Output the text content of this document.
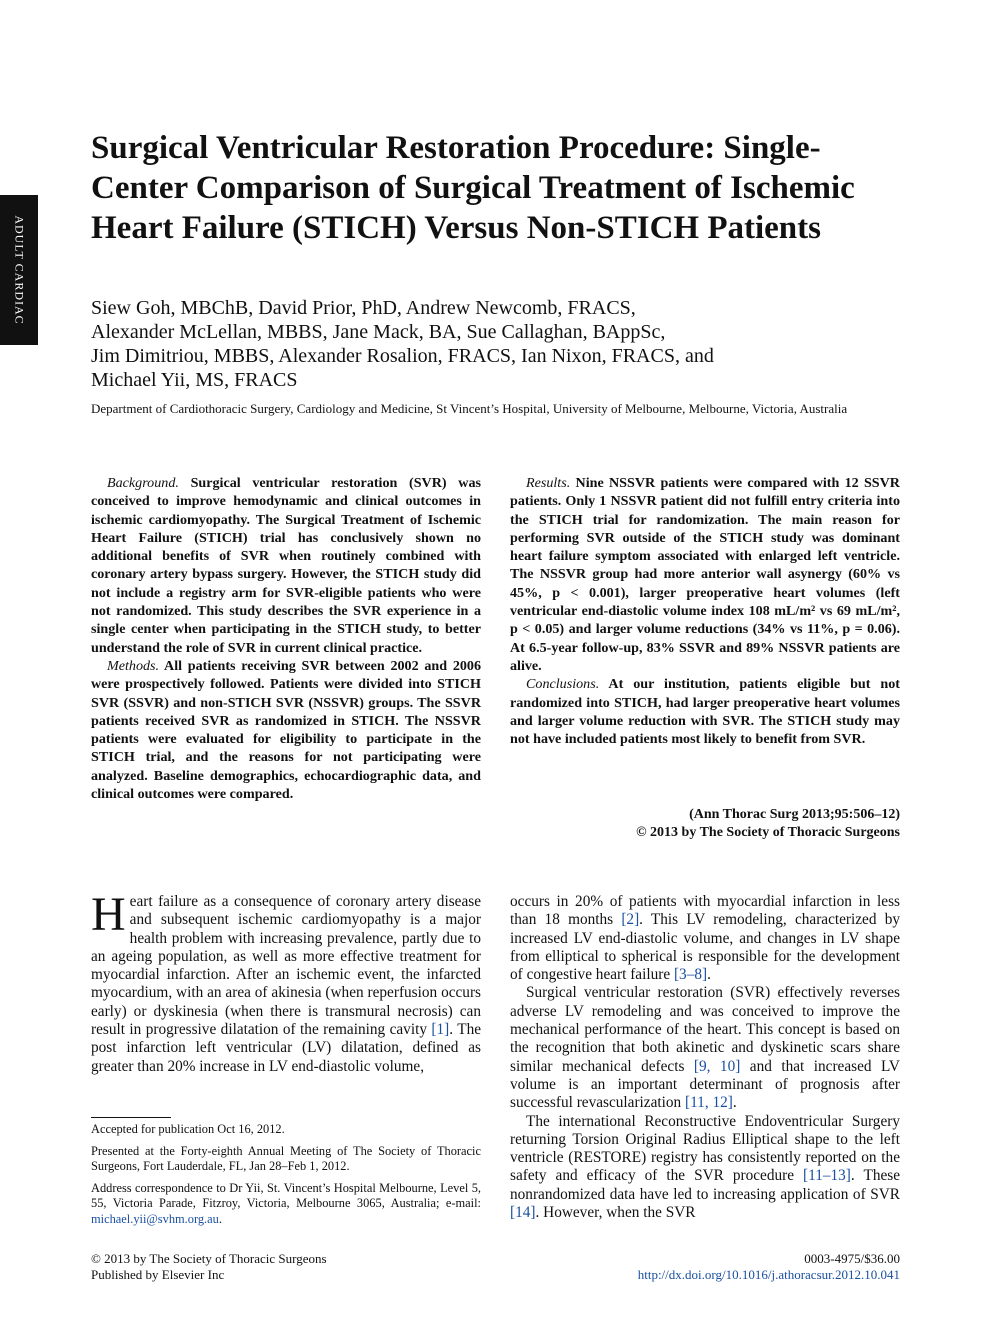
ADULT CARDIAC
Surgical Ventricular Restoration Procedure: Single-Center Comparison of Surgical Treatment of Ischemic Heart Failure (STICH) Versus Non-STICH Patients
Siew Goh, MBChB, David Prior, PhD, Andrew Newcomb, FRACS,
Alexander McLellan, MBBS, Jane Mack, BA, Sue Callaghan, BAppSc,
Jim Dimitriou, MBBS, Alexander Rosalion, FRACS, Ian Nixon, FRACS, and
Michael Yii, MS, FRACS
Department of Cardiothoracic Surgery, Cardiology and Medicine, St Vincent’s Hospital, University of Melbourne, Melbourne, Victoria, Australia

Background. Surgical ventricular restoration (SVR) was conceived to improve hemodynamic and clinical outcomes in ischemic cardiomyopathy. The Surgical Treatment of Ischemic Heart Failure (STICH) trial has conclusively shown no additional benefits of SVR when routinely combined with coronary artery bypass surgery. However, the STICH study did not include a registry arm for SVR-eligible patients who were not randomized. This study describes the SVR experience in a single center when participating in the STICH study, to better understand the role of SVR in current clinical practice.

Methods. All patients receiving SVR between 2002 and 2006 were prospectively followed. Patients were divided into STICH SVR (SSVR) and non-STICH SVR (NSSVR) groups. The SSVR patients received SVR as randomized in STICH. The NSSVR patients were evaluated for eligibility to participate in the STICH trial, and the reasons for not participating were analyzed. Baseline demographics, echocardiographic data, and clinical outcomes were compared.

Results. Nine NSSVR patients were compared with 12 SSVR patients. Only 1 NSSVR patient did not fulfill entry criteria into the STICH trial for randomization. The main reason for performing SVR outside of the STICH study was dominant heart failure symptom associated with enlarged left ventricle. The NSSVR group had more anterior wall asynergy (60% vs 45%, p < 0.001), larger preoperative heart volumes (left ventricular end-diastolic volume index 108 mL/m² vs 69 mL/m², p < 0.05) and larger volume reductions (34% vs 11%, p = 0.06). At 6.5-year follow-up, 83% SSVR and 89% NSSVR patients are alive.

Conclusions. At our institution, patients eligible but not randomized into STICH, had larger preoperative heart volumes and larger volume reduction with SVR. The STICH study may not have included patients most likely to benefit from SVR.

(Ann Thorac Surg 2013;95:506–12)
© 2013 by The Society of Thoracic Surgeons

Heart failure as a consequence of coronary artery disease and subsequent ischemic cardiomyopathy is a major health problem with increasing prevalence, partly due to an ageing population, as well as more effective treatment for myocardial infarction. After an ischemic event, the infarcted myocardium, with an area of akinesia (when reperfusion occurs early) or dyskinesia (when there is transmural necrosis) can result in progressive dilatation of the remaining cavity [1]. The post infarction left ventricular (LV) dilatation, defined as greater than 20% increase in LV end-diastolic volume,

occurs in 20% of patients with myocardial infarction in less than 18 months [2]. This LV remodeling, characterized by increased LV end-diastolic volume, and changes in LV shape from elliptical to spherical is responsible for the development of congestive heart failure [3–8].

Surgical ventricular restoration (SVR) effectively reverses adverse LV remodeling and was conceived to improve the mechanical performance of the heart. This concept is based on the recognition that both akinetic and dyskinetic scars share similar mechanical defects [9, 10] and that increased LV volume is an important determinant of prognosis after successful revascularization [11, 12].

The international Reconstructive Endoventricular Surgery returning Torsion Original Radius Elliptical shape to the left ventricle (RESTORE) registry has consistently reported on the safety and efficacy of the SVR procedure [11–13]. These nonrandomized data have led to increasing application of SVR [14]. However, when the SVR

Accepted for publication Oct 16, 2012.

Presented at the Forty-eighth Annual Meeting of The Society of Thoracic Surgeons, Fort Lauderdale, FL, Jan 28–Feb 1, 2012.

Address correspondence to Dr Yii, St. Vincent’s Hospital Melbourne, Level 5, 55, Victoria Parade, Fitzroy, Victoria, Melbourne 3065, Australia; e-mail: michael.yii@svhm.org.au.

© 2013 by The Society of Thoracic Surgeons
Published by Elsevier Inc
0003-4975/$36.00
http://dx.doi.org/10.1016/j.athoracsur.2012.10.041
